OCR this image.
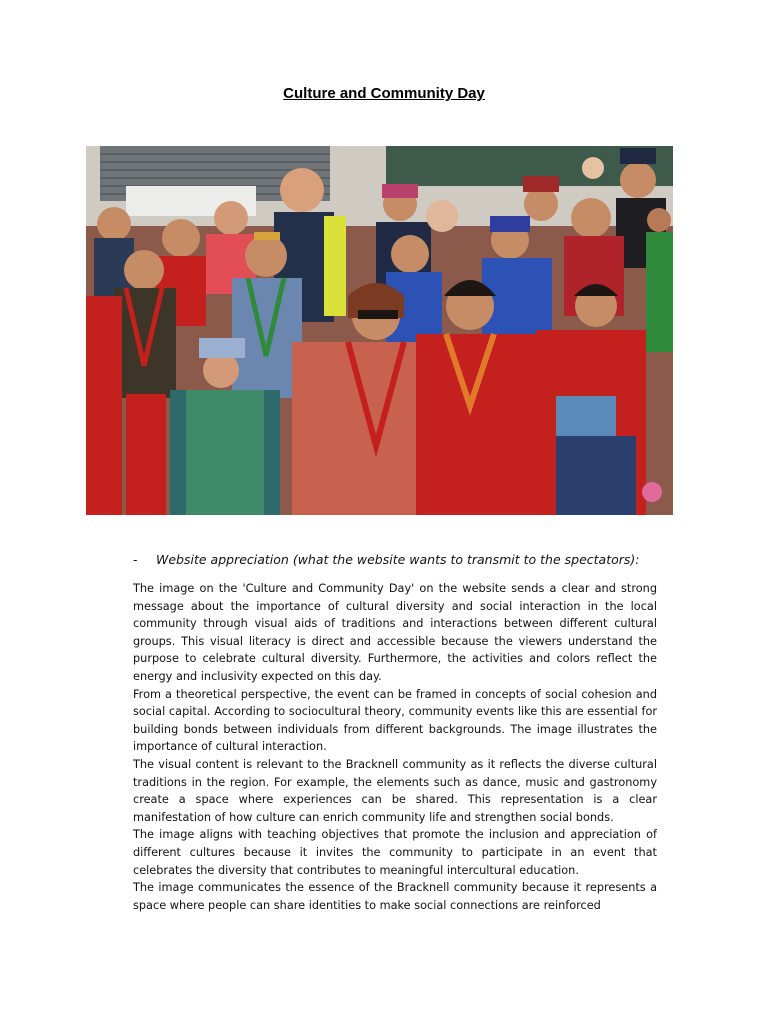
Culture and Community Day
- Website appreciation (what the website wants to transmit to the spectators):

The image on the 'Culture and Community Day' on the website sends a clear and strong message about the importance of cultural diversity and social interaction in the local community through visual aids of traditions and interactions between different cultural groups. This visual literacy is direct and accessible because the viewers understand the purpose to celebrate cultural diversity. Furthermore, the activities and colors reflect the energy and inclusivity expected on this day.

From a theoretical perspective, the event can be framed in concepts of social cohesion and social capital. According to sociocultural theory, community events like this are essential for building bonds between individuals from different backgrounds. The image illustrates the importance of cultural interaction.

The visual content is relevant to the Bracknell community as it reflects the diverse cultural traditions in the region. For example, the elements such as dance, music and gastronomy create a space where experiences can be shared. This representation is a clear manifestation of how culture can enrich community life and strengthen social bonds.

The image aligns with teaching objectives that promote the inclusion and appreciation of different cultures because it invites the community to participate in an event that celebrates the diversity that contributes to meaningful intercultural education.

The image communicates the essence of the Bracknell community because it represents a space where people can share identities to make social connections are reinforced
